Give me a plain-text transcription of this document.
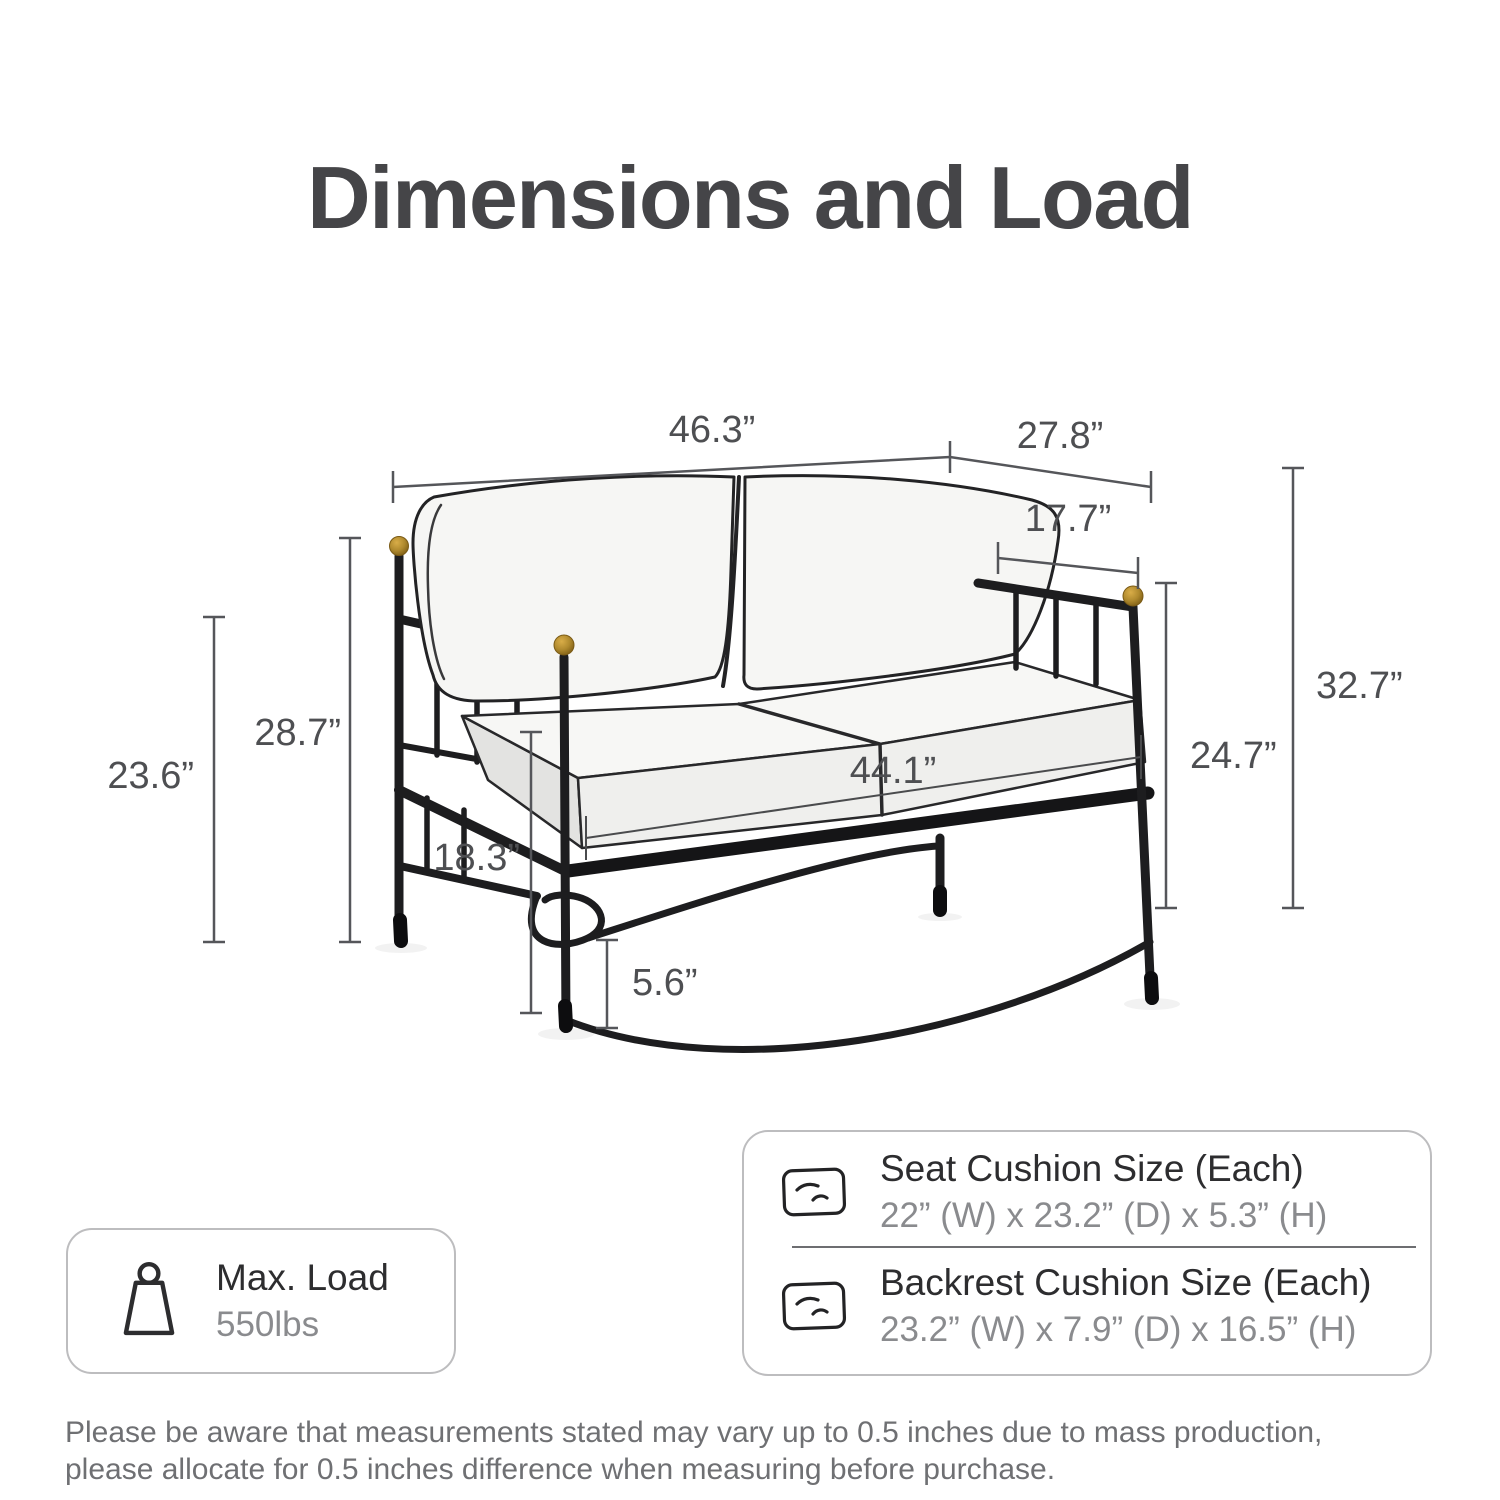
Dimensions and Load
46.3”	27.8”
17.7”
32.7”
24.7”
23.6”
28.7”
18.3”
5.6”
44.1”
Max. Load
550lbs
Seat Cushion Size (Each)
22” (W) x 23.2” (D) x 5.3” (H)
Backrest Cushion Size (Each)
23.2” (W) x 7.9” (D) x 16.5” (H)
Please be aware that measurements stated may vary up to 0.5 inches due to mass production,
please allocate for 0.5 inches difference when measuring before purchase.
